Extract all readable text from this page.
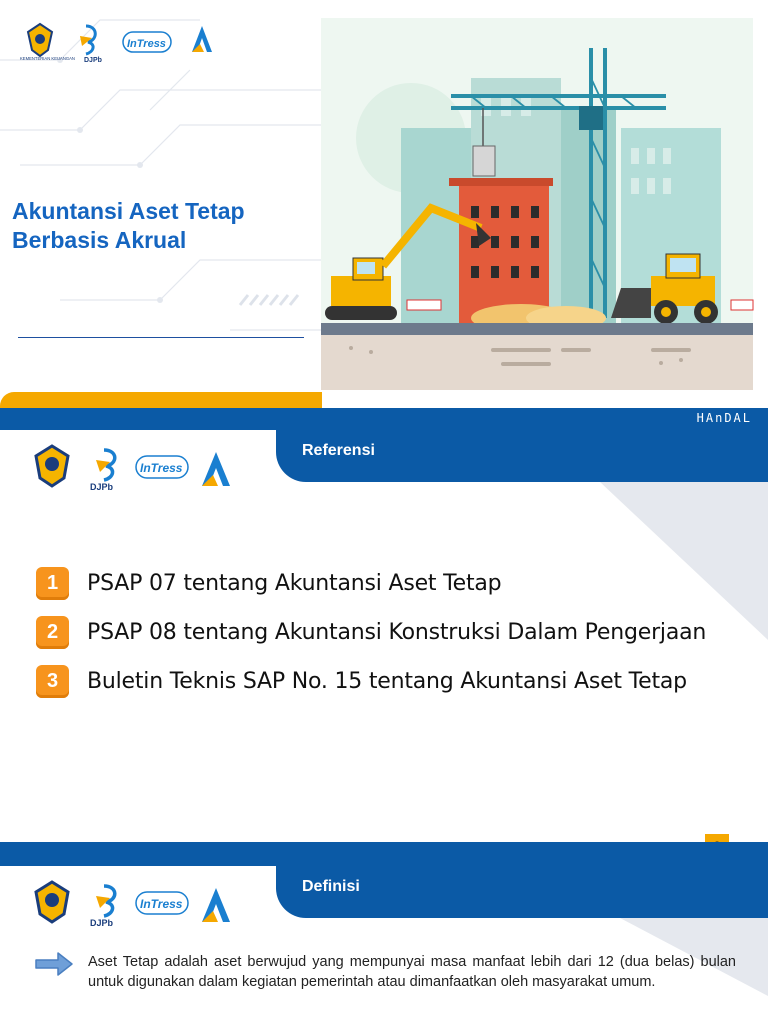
KEMENTERIAN KEUANGAN DJPb
InTress
Akuntansi Aset Tetap
Berbasis Akrual
HAnDAL
DJPb
InTress
Referensi
1	PSAP 07 tentang Akuntansi Aset Tetap
2	PSAP 08 tentang Akuntansi Konstruksi Dalam Pengerjaan
3	Buletin Teknis SAP No. 15 tentang Akuntansi Aset Tetap
DJPb
InTress
Definisi
Aset Tetap adalah aset berwujud yang mempunyai masa manfaat lebih dari 12 (dua belas) bulan untuk digunakan dalam kegiatan pemerintah atau dimanfaatkan oleh masyarakat umum.
